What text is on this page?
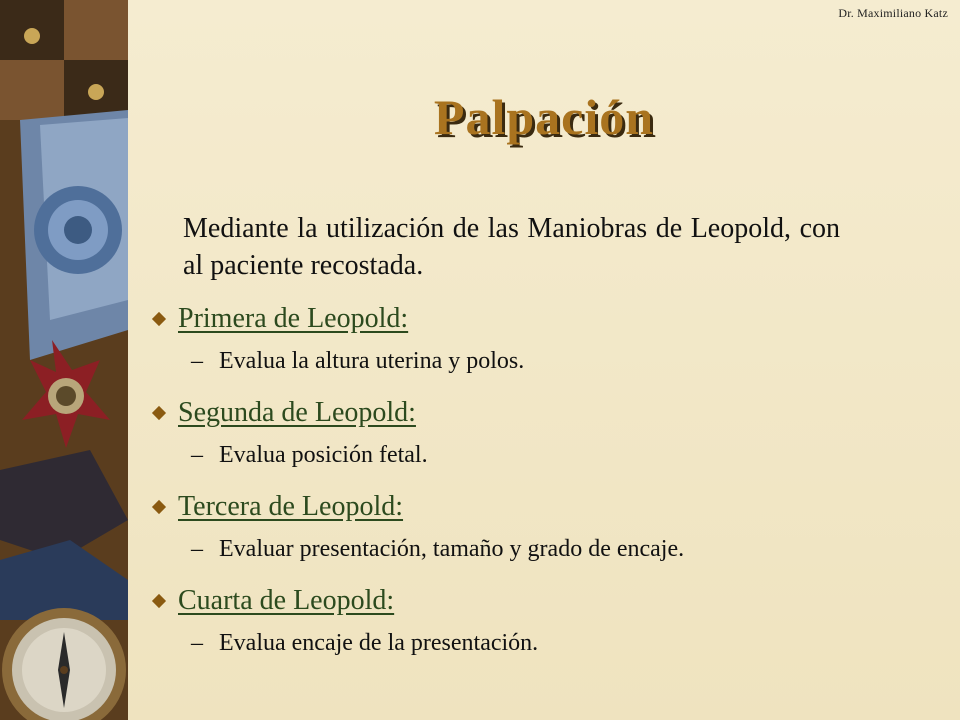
Dr. Maximiliano Katz
Palpación

Mediante la utilización de las Maniobras de Leopold, con al paciente recostada.

Primera de Leopold:
– Evalua la altura uterina y polos.
Segunda de Leopold:
– Evalua posición fetal.
Tercera de Leopold:
– Evaluar presentación, tamaño y grado de encaje.
Cuarta de Leopold:
– Evalua encaje de la presentación.
